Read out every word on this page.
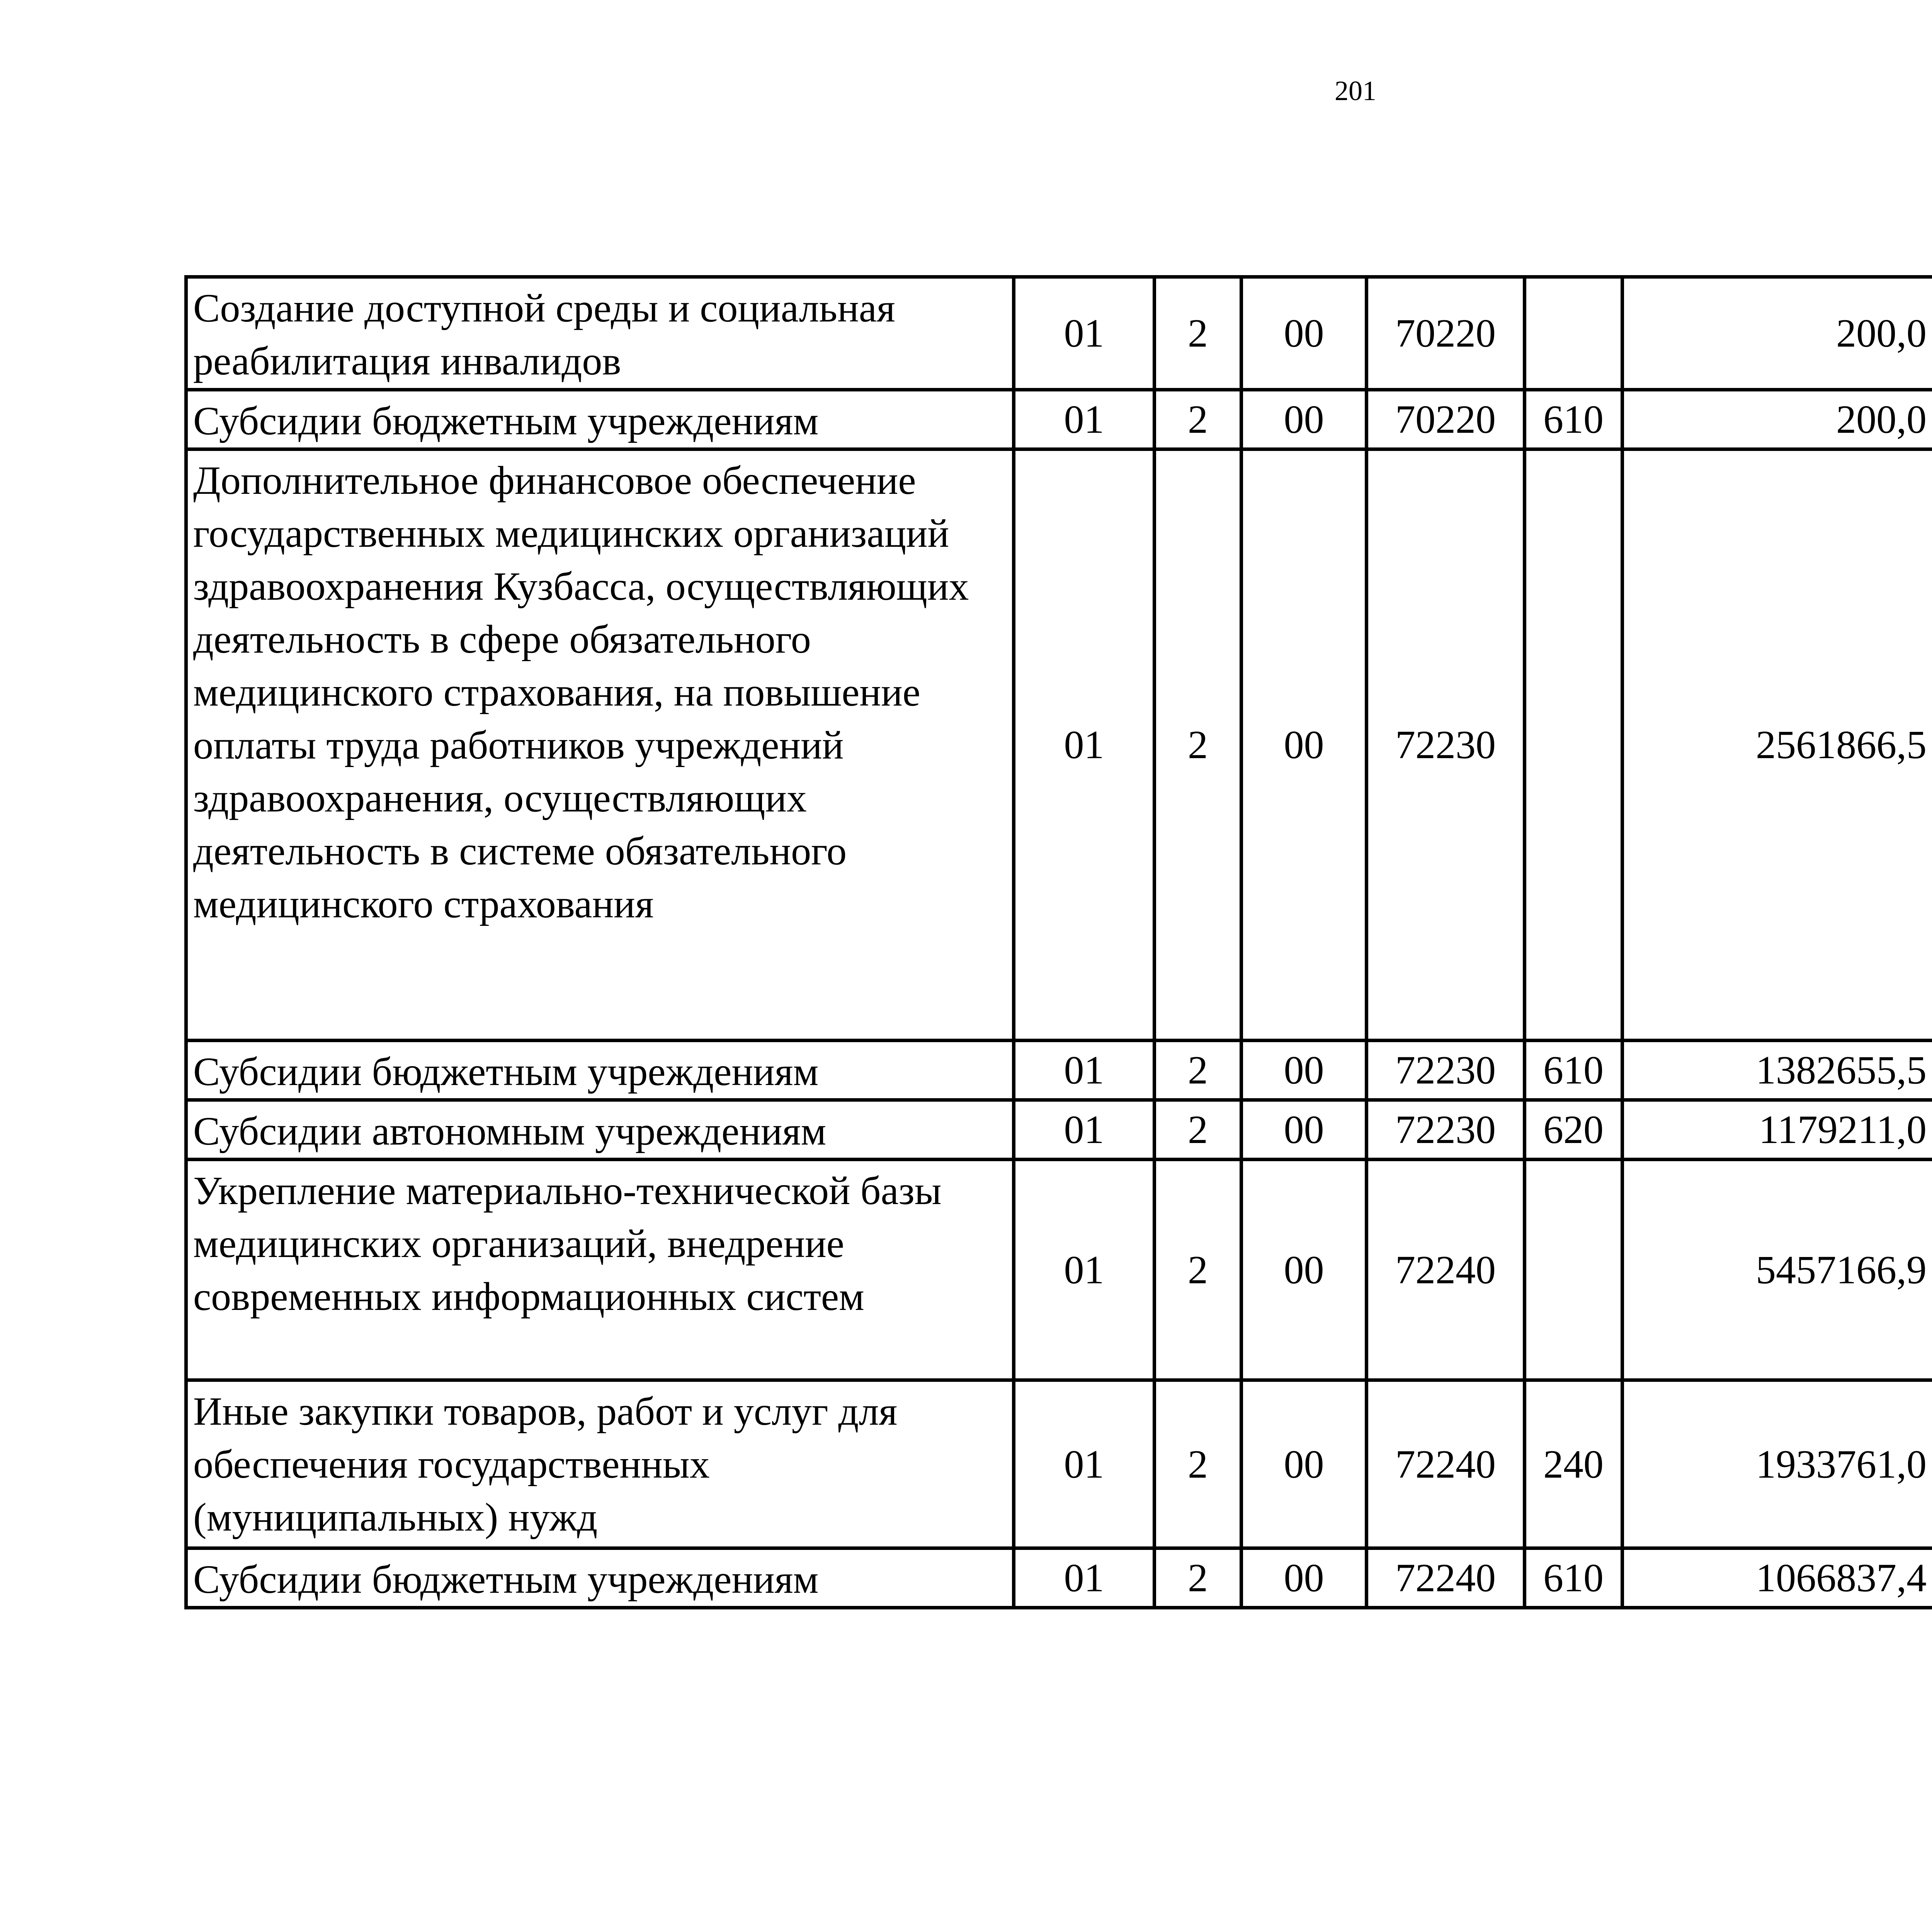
201
Создание доступной среды и социальная реабилитация инвалидов	01	2	00	70220		200,0		
Субсидии бюджетным учреждениям	01	2	00	70220	610	200,0		
Дополнительное финансовое обеспечение государственных медицинских организаций здравоохранения Кузбасса, осуществляющих деятельность в сфере обязательного медицинского страхования, на повышение оплаты труда работников учреждений здравоохранения, осуществляющих деятельность в системе обязательного медицинского страхования	01	2	00	72230		2561866,5		
Субсидии бюджетным учреждениям	01	2	00	72230	610	1382655,5		
Субсидии автономным учреждениям	01	2	00	72230	620	1179211,0		
Укрепление материально-технической базы медицинских организаций, внедрение современных информационных систем	01	2	00	72240		5457166,9		
Иные закупки товаров, работ и услуг для обеспечения государственных (муниципальных) нужд	01	2	00	72240	240	1933761,0		
Субсидии бюджетным учреждениям	01	2	00	72240	610	1066837,4		
